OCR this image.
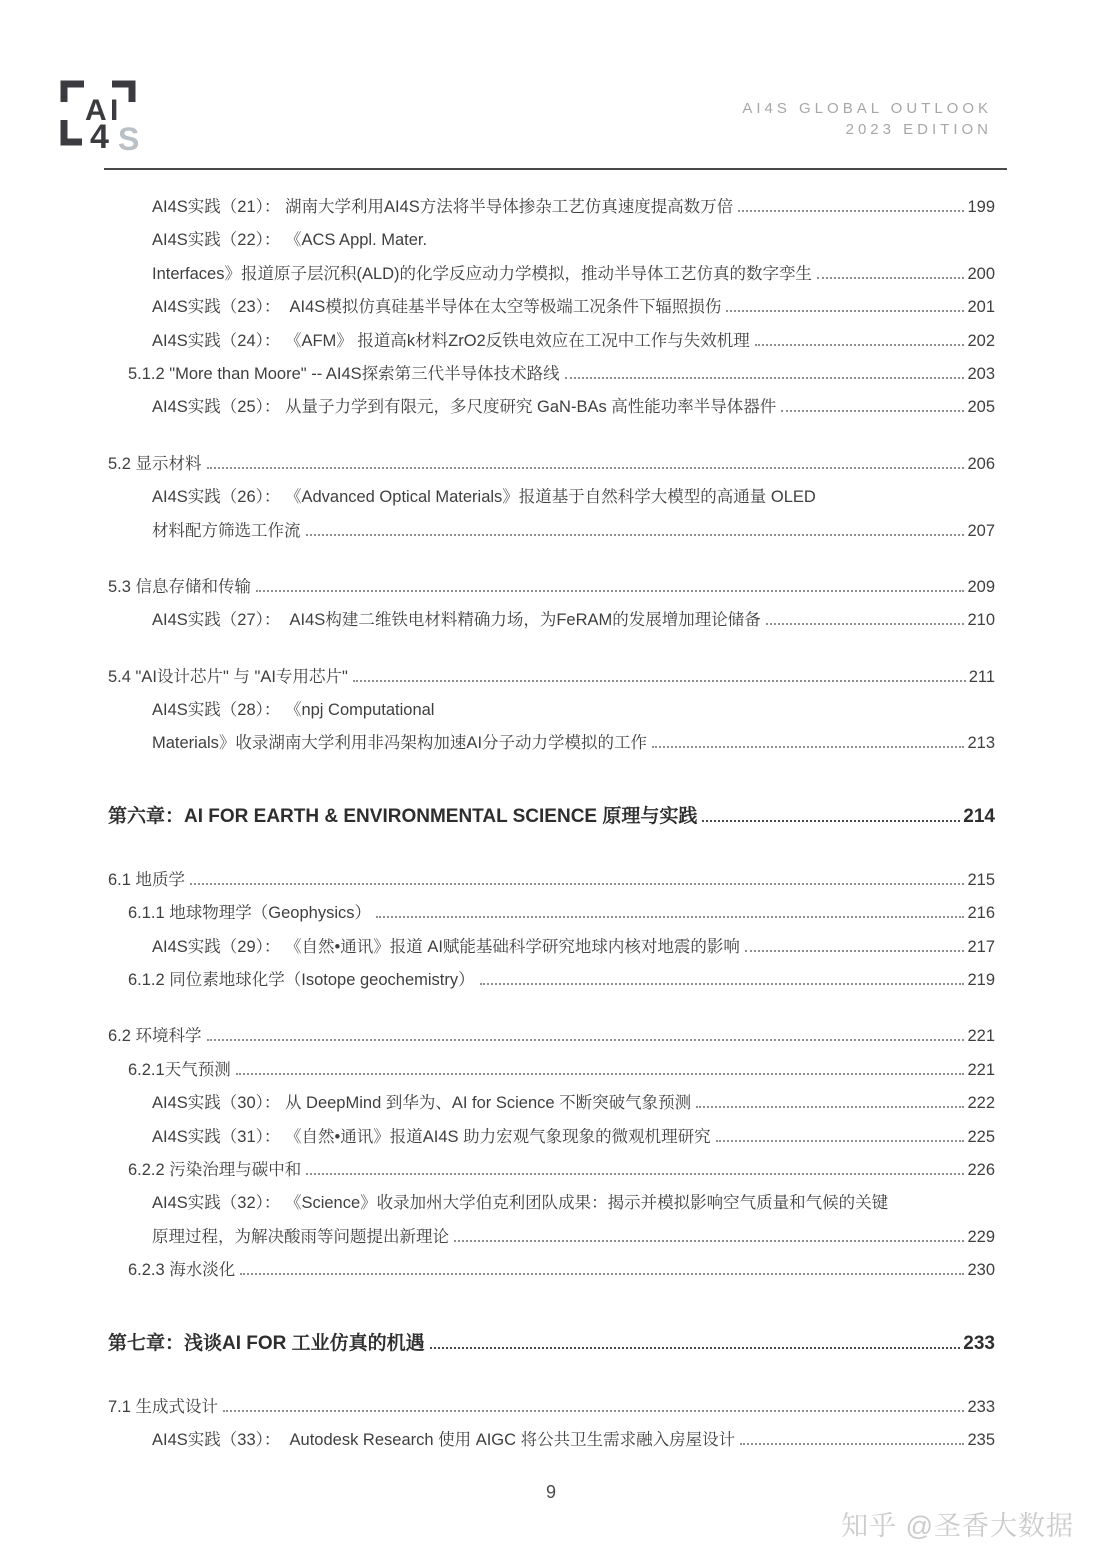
A I
4 S
AI4S GLOBAL OUTLOOK
2023 EDITION
AI4S实践（21）： 湖南大学利用AI4S方法将半导体掺杂工艺仿真速度提高数万倍	199
AI4S实践（22）： 《ACS Appl. Mater.
Interfaces》报道原子层沉积(ALD)的化学反应动力学模拟，推动半导体工艺仿真的数字孪生	200
AI4S实践（23）：  AI4S模拟仿真硅基半导体在太空等极端工况条件下辐照损伤	201
AI4S实践（24）： 《AFM》 报道高k材料ZrO2反铁电效应在工况中工作与失效机理	202
5.1.2 "More than Moore" -- AI4S探索第三代半导体技术路线	203
AI4S实践（25）： 从量子力学到有限元，多尺度研究 GaN-BAs 高性能功率半导体器件	205
5.2 显示材料	206
AI4S实践（26）： 《Advanced Optical Materials》报道基于自然科学大模型的高通量 OLED
材料配方筛选工作流	207
5.3 信息存储和传输	209
AI4S实践（27）：  AI4S构建二维铁电材料精确力场，为FeRAM的发展增加理论储备	210
5.4 "AI设计芯片" 与 "AI专用芯片"	211
AI4S实践（28）： 《npj Computational
Materials》收录湖南大学利用非冯架构加速AI分子动力学模拟的工作	213
第六章：AI FOR EARTH & ENVIRONMENTAL SCIENCE 原理与实践	214
6.1 地质学	215
6.1.1 地球物理学（Geophysics）	216
AI4S实践（29）： 《自然•通讯》报道 AI赋能基础科学研究地球内核对地震的影响	217
6.1.2 同位素地球化学（Isotope geochemistry）	219
6.2 环境科学	221
6.2.1天气预测	221
AI4S实践（30）： 从 DeepMind 到华为、AI for Science 不断突破气象预测	222
AI4S实践（31）： 《自然•通讯》报道AI4S 助力宏观气象现象的微观机理研究	225
6.2.2 污染治理与碳中和	226
AI4S实践（32）： 《Science》收录加州大学伯克利团队成果：揭示并模拟影响空气质量和气候的关键
原理过程，为解决酸雨等问题提出新理论	229
6.2.3 海水淡化	230
第七章：浅谈AI FOR 工业仿真的机遇	233
7.1 生成式设计	233
AI4S实践（33）：  Autodesk Research 使用 AIGC 将公共卫生需求融入房屋设计	235
9
知乎 @圣香大数据
